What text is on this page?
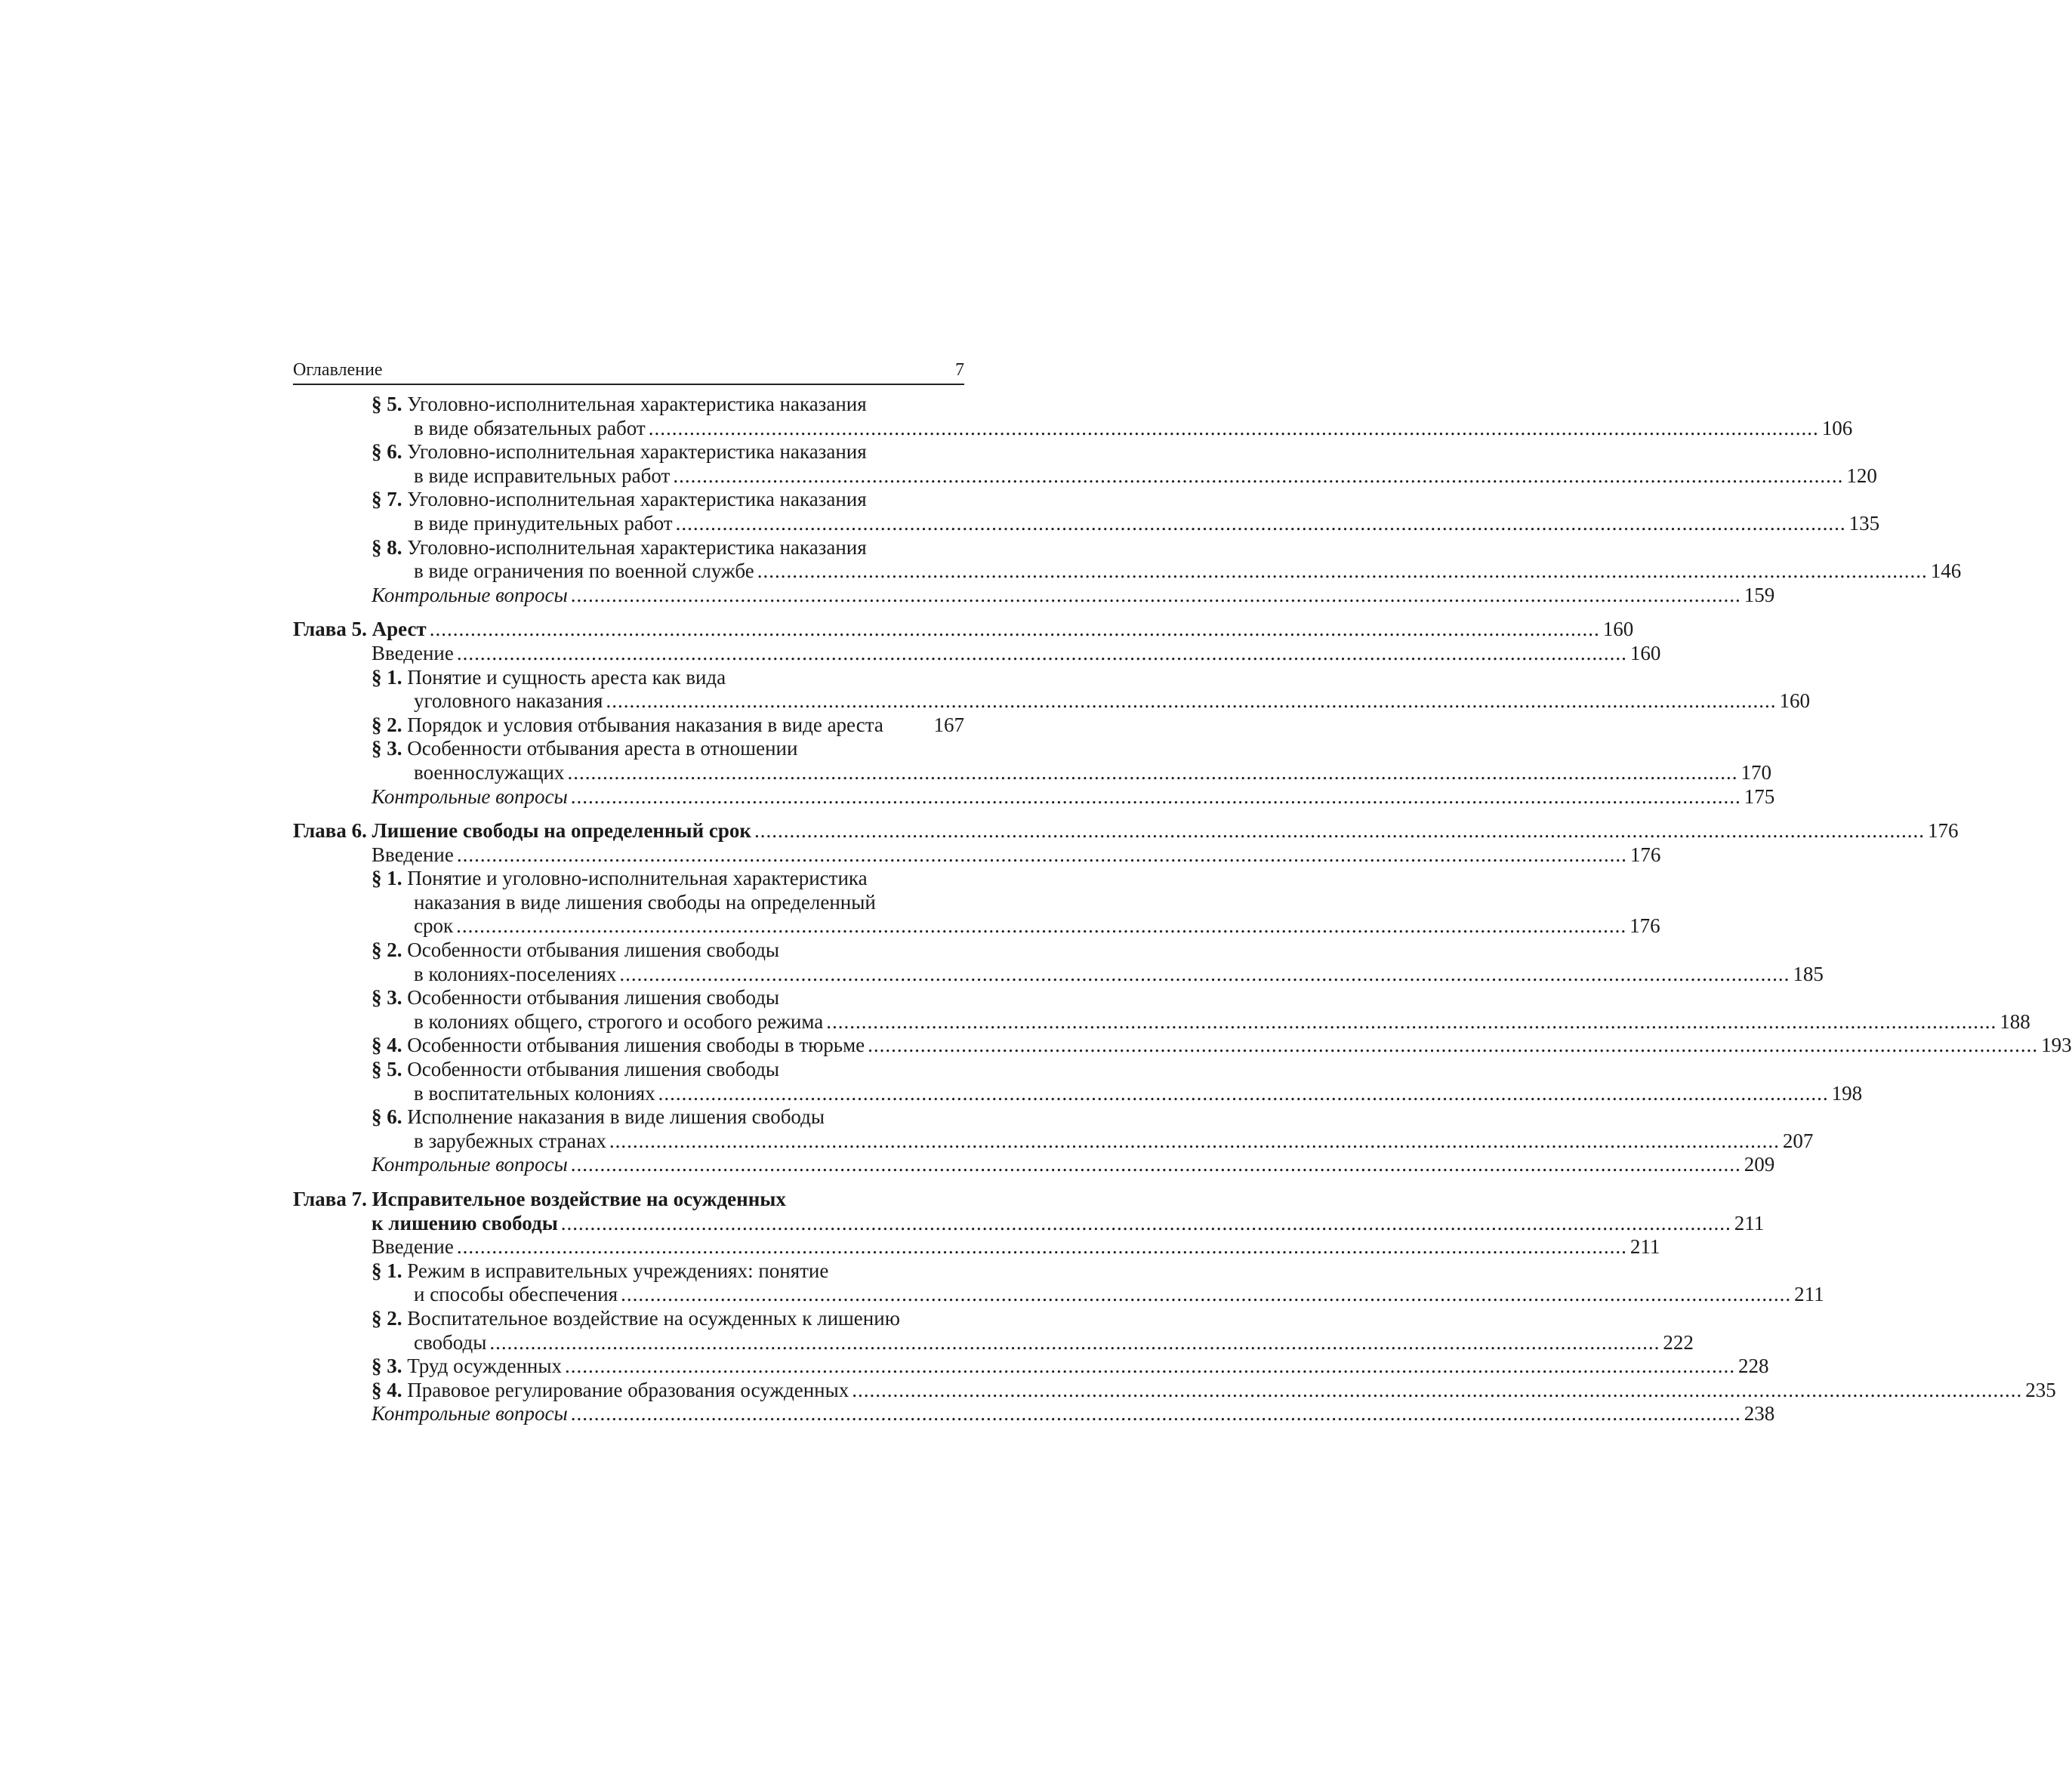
Оглавление	7
§ 5. Уголовно-исполнительная характеристика наказания
в виде обязательных работ ........................................................................................................................................................................................................ 106
§ 6. Уголовно-исполнительная характеристика наказания
в виде исправительных работ ........................................................................................................................................................................................................ 120
§ 7. Уголовно-исполнительная характеристика наказания
в виде принудительных работ ........................................................................................................................................................................................................ 135
§ 8. Уголовно-исполнительная характеристика наказания
в виде ограничения по военной службе ........................................................................................................................................................................................................ 146
Контрольные вопросы ........................................................................................................................................................................................................ 159
Глава 5. Арест ........................................................................................................................................................................................................ 160
Введение ........................................................................................................................................................................................................ 160
§ 1. Понятие и сущность ареста как вида
уголовного наказания ........................................................................................................................................................................................................ 160
§ 2. Порядок и условия отбывания наказания в виде ареста 167
§ 3. Особенности отбывания ареста в отношении
военнослужащих ........................................................................................................................................................................................................ 170
Контрольные вопросы ........................................................................................................................................................................................................ 175
Глава 6. Лишение свободы на определенный срок ........................................................................................................................................................................................................ 176
Введение ........................................................................................................................................................................................................ 176
§ 1. Понятие и уголовно-исполнительная характеристика
наказания в виде лишения свободы на определенный
срок ........................................................................................................................................................................................................ 176
§ 2. Особенности отбывания лишения свободы
в колониях-поселениях ........................................................................................................................................................................................................ 185
§ 3. Особенности отбывания лишения свободы
в колониях общего, строгого и особого режима ........................................................................................................................................................................................................ 188
§ 4. Особенности отбывания лишения свободы в тюрьме ........................................................................................................................................................................................................ 193
§ 5. Особенности отбывания лишения свободы
в воспитательных колониях ........................................................................................................................................................................................................ 198
§ 6. Исполнение наказания в виде лишения свободы
в зарубежных странах ........................................................................................................................................................................................................ 207
Контрольные вопросы ........................................................................................................................................................................................................ 209
Глава 7. Исправительное воздействие на осужденных
к лишению свободы ........................................................................................................................................................................................................ 211
Введение ........................................................................................................................................................................................................ 211
§ 1. Режим в исправительных учреждениях: понятие
и способы обеспечения ........................................................................................................................................................................................................ 211
§ 2. Воспитательное воздействие на осужденных к лишению
свободы ........................................................................................................................................................................................................ 222
§ 3. Труд осужденных ........................................................................................................................................................................................................ 228
§ 4. Правовое регулирование образования осужденных ........................................................................................................................................................................................................ 235
Контрольные вопросы ........................................................................................................................................................................................................ 238
